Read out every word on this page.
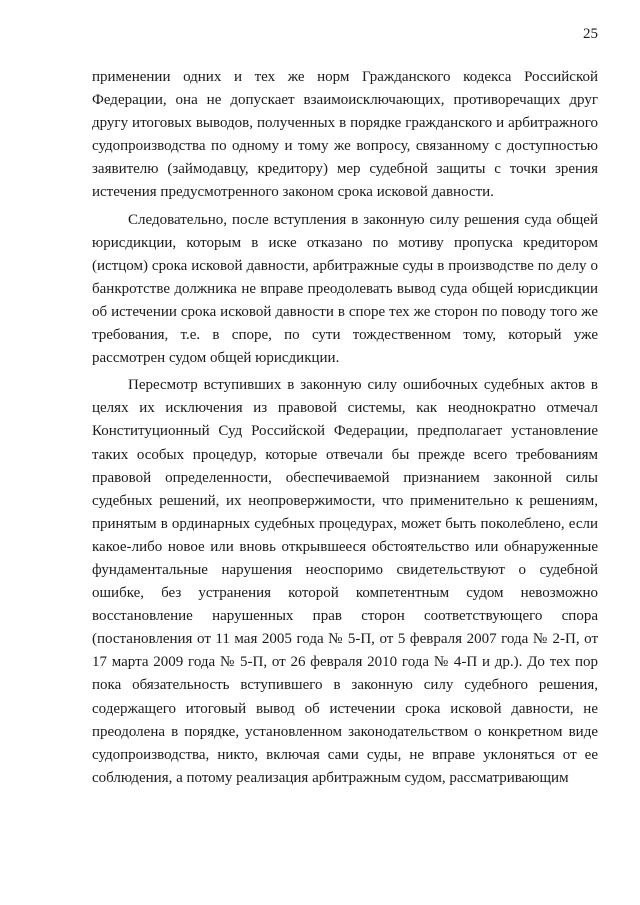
25

применении одних и тех же норм Гражданского кодекса Российской Федерации, она не допускает взаимоисключающих, противоречащих друг другу итоговых выводов, полученных в порядке гражданского и арбитражного судопроизводства по одному и тому же вопросу, связанному с доступностью заявителю (займодавцу, кредитору) мер судебной защиты с точки зрения истечения предусмотренного законом срока исковой давности.

Следовательно, после вступления в законную силу решения суда общей юрисдикции, которым в иске отказано по мотиву пропуска кредитором (истцом) срока исковой давности, арбитражные суды в производстве по делу о банкротстве должника не вправе преодолевать вывод суда общей юрисдикции об истечении срока исковой давности в споре тех же сторон по поводу того же требования, т.е. в споре, по сути тождественном тому, который уже рассмотрен судом общей юрисдикции.

Пересмотр вступивших в законную силу ошибочных судебных актов в целях их исключения из правовой системы, как неоднократно отмечал Конституционный Суд Российской Федерации, предполагает установление таких особых процедур, которые отвечали бы прежде всего требованиям правовой определенности, обеспечиваемой признанием законной силы судебных решений, их неопровержимости, что применительно к решениям, принятым в ординарных судебных процедурах, может быть поколеблено, если какое-либо новое или вновь открывшееся обстоятельство или обнаруженные фундаментальные нарушения неоспоримо свидетельствуют о судебной ошибке, без устранения которой компетентным судом невозможно восстановление нарушенных прав сторон соответствующего спора (постановления от 11 мая 2005 года № 5-П, от 5 февраля 2007 года № 2-П, от 17 марта 2009 года № 5-П, от 26 февраля 2010 года № 4-П и др.). До тех пор пока обязательность вступившего в законную силу судебного решения, содержащего итоговый вывод об истечении срока исковой давности, не преодолена в порядке, установленном законодательством о конкретном виде судопроизводства, никто, включая сами суды, не вправе уклоняться от ее соблюдения, а потому реализация арбитражным судом, рассматривающим
